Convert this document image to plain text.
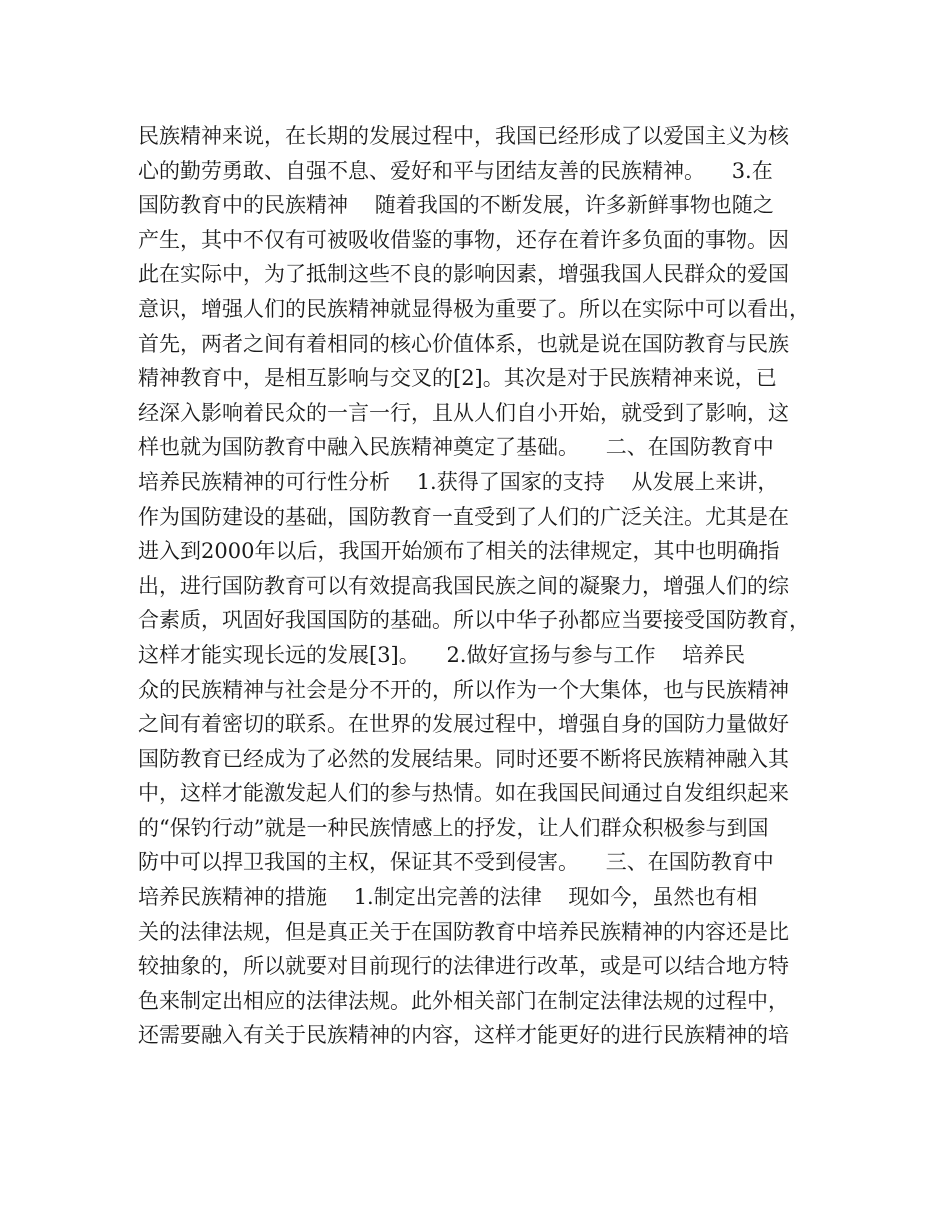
民族精神来说，在长期的发展过程中，我国已经形成了以爱国主义为核
心的勤劳勇敢、自强不息、爱好和平与团结友善的民族精神。    3.在
国防教育中的民族精神    随着我国的不断发展，许多新鲜事物也随之
产生，其中不仅有可被吸收借鉴的事物，还存在着许多负面的事物。因
此在实际中，为了抵制这些不良的影响因素，增强我国人民群众的爱国
意识，增强人们的民族精神就显得极为重要了。所以在实际中可以看出，
首先，两者之间有着相同的核心价值体系，也就是说在国防教育与民族
精神教育中，是相互影响与交叉的[2]。其次是对于民族精神来说，已
经深入影响着民众的一言一行，且从人们自小开始，就受到了影响，这
样也就为国防教育中融入民族精神奠定了基础。    二、在国防教育中
培养民族精神的可行性分析    1.获得了国家的支持    从发展上来讲，
作为国防建设的基础，国防教育一直受到了人们的广泛关注。尤其是在
进入到2000年以后，我国开始颁布了相关的法律规定，其中也明确指
出，进行国防教育可以有效提高我国民族之间的凝聚力，增强人们的综
合素质，巩固好我国国防的基础。所以中华子孙都应当要接受国防教育，
这样才能实现长远的发展[3]。    2.做好宣扬与参与工作    培养民
众的民族精神与社会是分不开的，所以作为一个大集体，也与民族精神
之间有着密切的联系。在世界的发展过程中，增强自身的国防力量做好
国防教育已经成为了必然的发展结果。同时还要不断将民族精神融入其
中，这样才能激发起人们的参与热情。如在我国民间通过自发组织起来
的“保钓行动”就是一种民族情感上的抒发，让人们群众积极参与到国
防中可以捍卫我国的主权，保证其不受到侵害。    三、在国防教育中
培养民族精神的措施    1.制定出完善的法律    现如今，虽然也有相
关的法律法规，但是真正关于在国防教育中培养民族精神的内容还是比
较抽象的，所以就要对目前现行的法律进行改革，或是可以结合地方特
色来制定出相应的法律法规。此外相关部门在制定法律法规的过程中，
还需要融入有关于民族精神的内容，这样才能更好的进行民族精神的培
